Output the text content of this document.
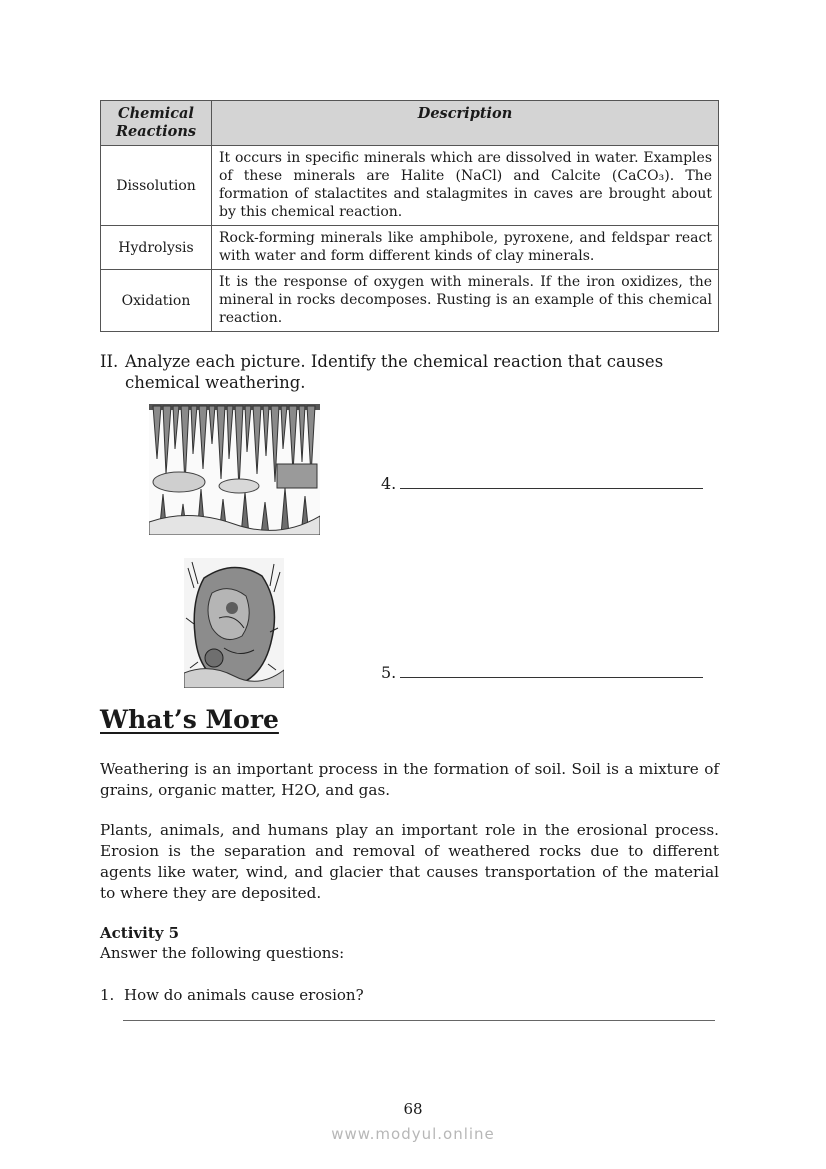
Chemical Reactions	Description
Dissolution	It occurs in specific minerals which are dissolved in water. Examples of these minerals are Halite (NaCl) and Calcite (CaCO₃). The formation of stalactites and stalagmites in caves are brought about by this chemical reaction.
Hydrolysis	Rock-forming minerals like amphibole, pyroxene, and feldspar react with water and form different kinds of clay minerals.
Oxidation	It is the response of oxygen with minerals. If the iron oxidizes, the mineral in rocks decomposes. Rusting is an example of this chemical reaction.
II. Analyze each picture. Identify the chemical reaction that causes chemical weathering.
4.
5.
What’s More

Weathering is an important process in the formation of soil. Soil is a mixture of grains, organic matter, H2O, and gas.

Plants, animals, and humans play an important role in the erosional process. Erosion is the separation and removal of weathered rocks due to different agents like water, wind, and glacier that causes transportation of the material to where they are deposited.

Activity 5

Answer the following questions:

1. How do animals cause erosion?
68
www.modyul.online
